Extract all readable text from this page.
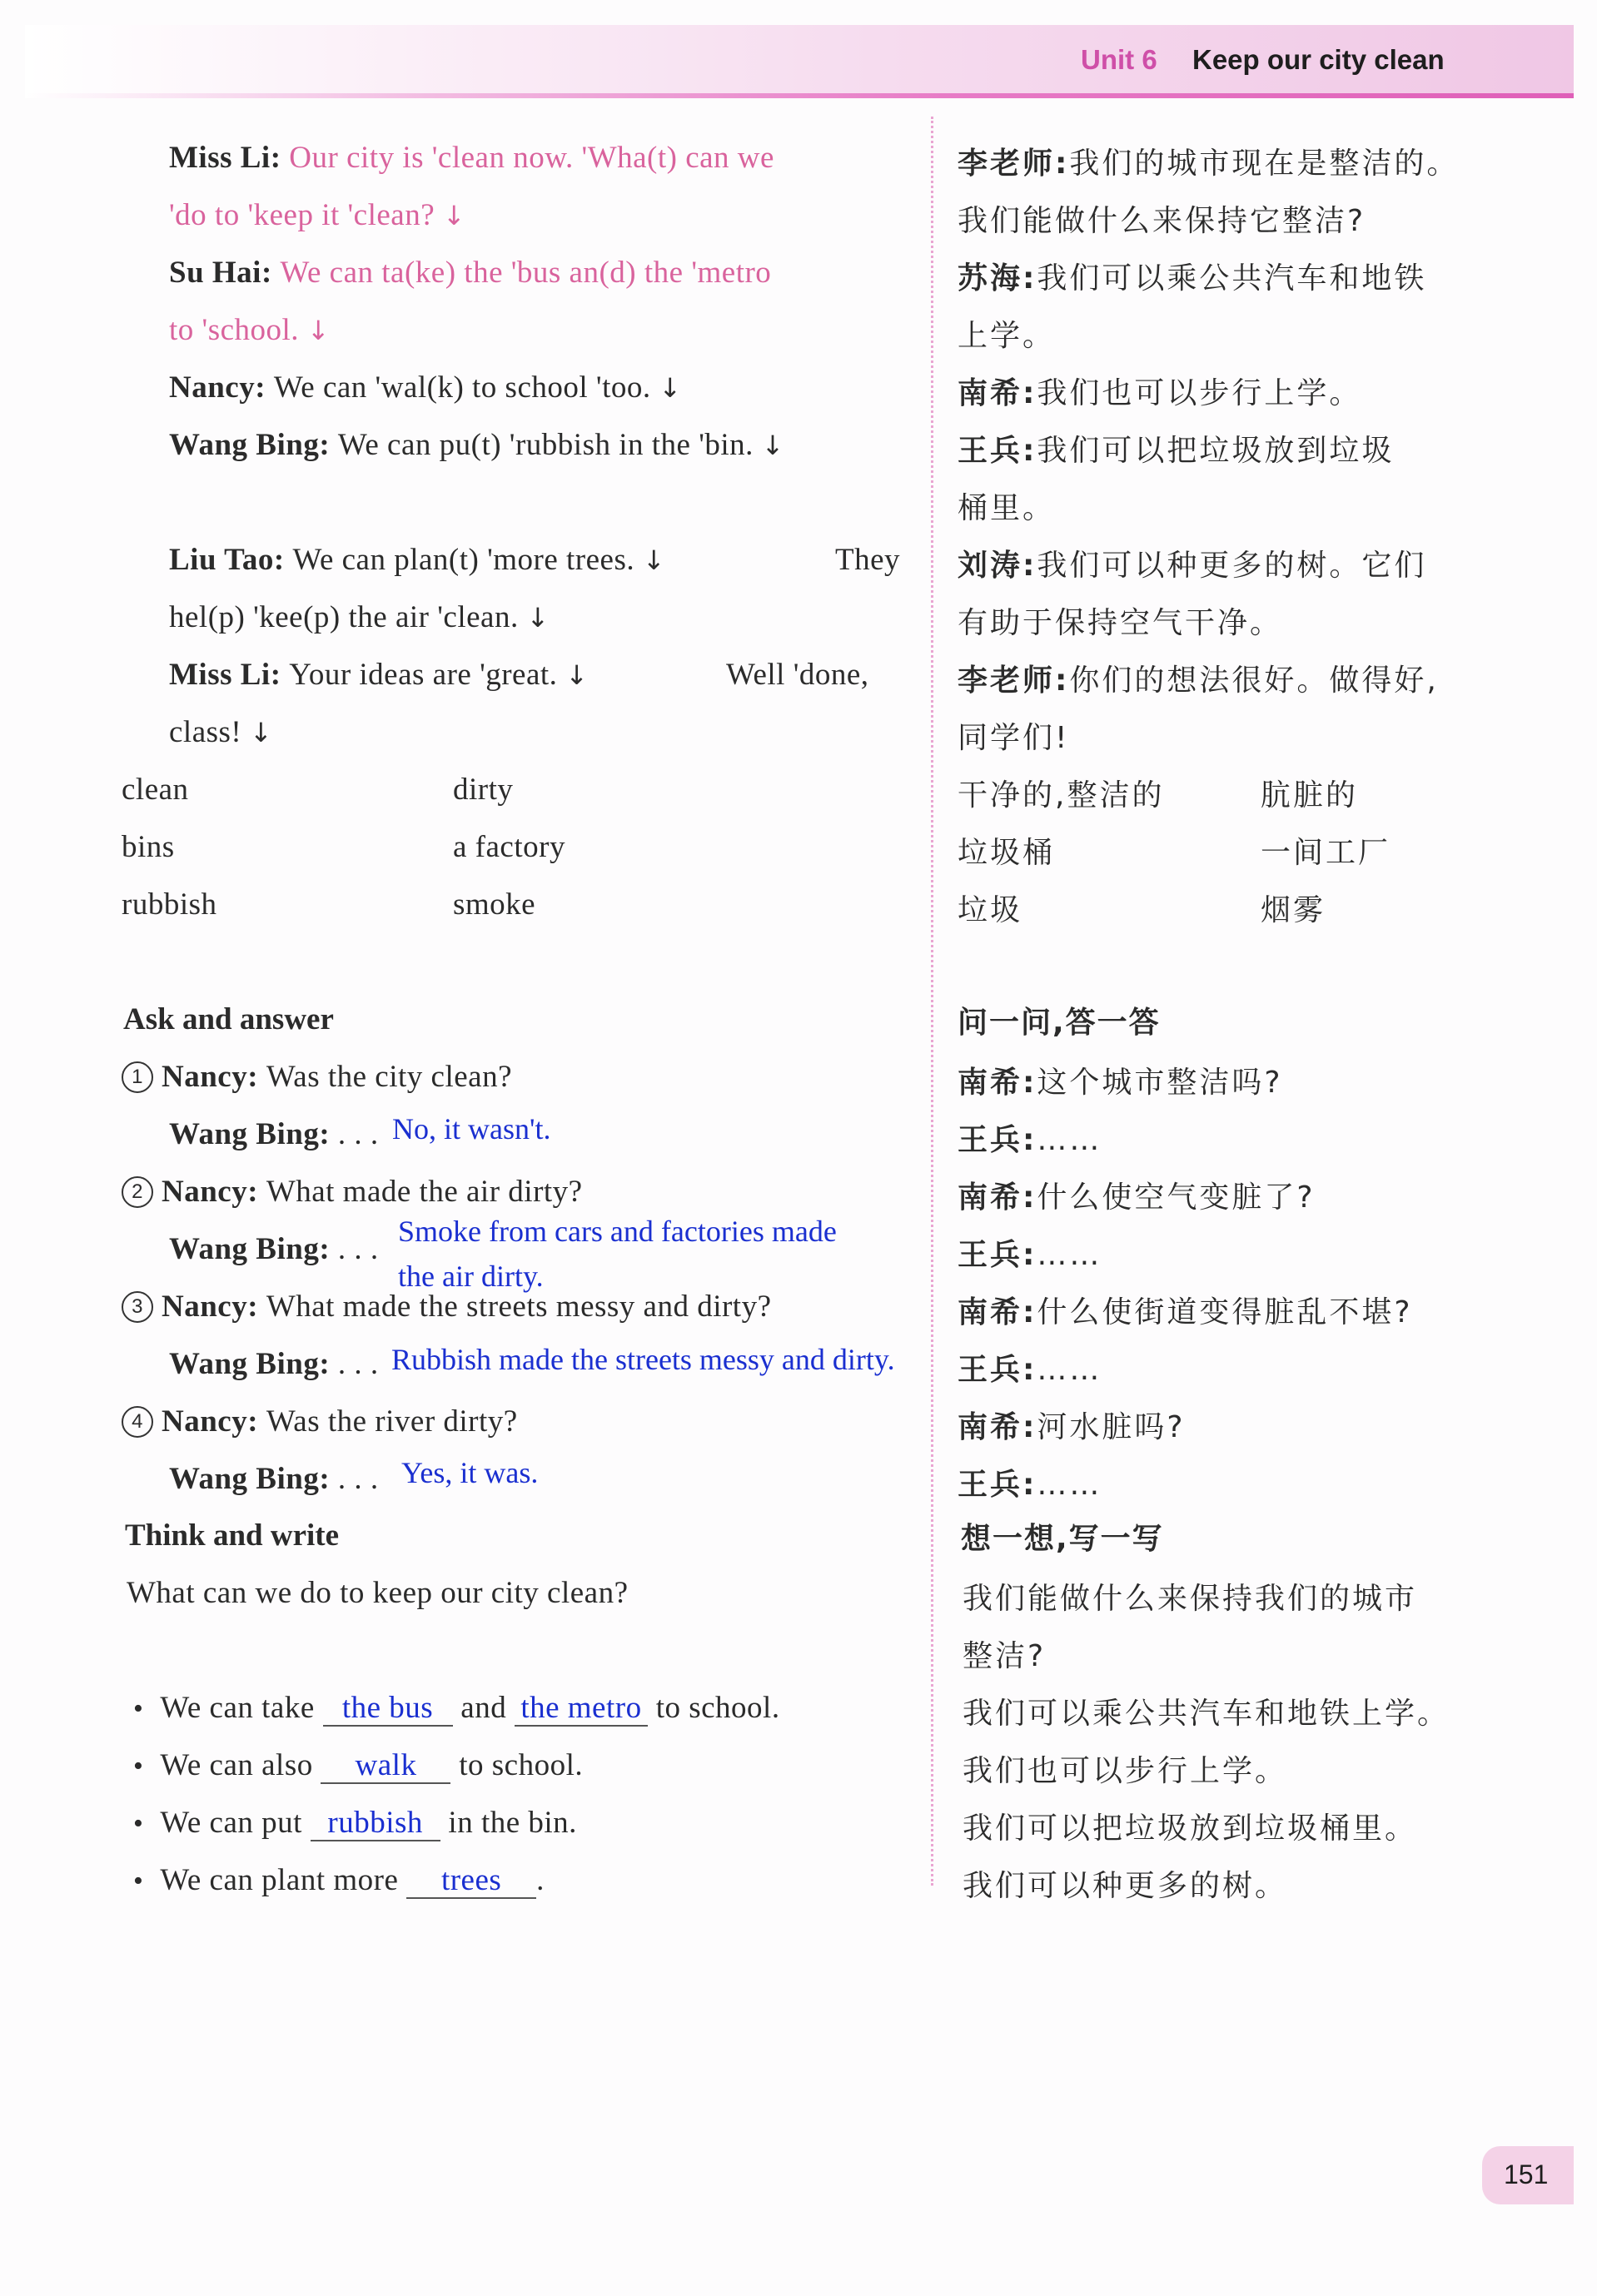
Unit 6 Keep our city clean
Miss Li: Our city is 'clean now. 'Wha(t) can we
'do to 'keep it 'clean? ↓
Su Hai: We can ta(ke) the 'bus an(d) the 'metro
to 'school. ↓
Nancy: We can 'wal(k) to school 'too. ↓
Wang Bing: We can pu(t) 'rubbish in the 'bin. ↓
Liu Tao: We can plan(t) 'more trees. ↓	They
hel(p) 'kee(p) the air 'clean. ↓
Miss Li: Your ideas are 'great. ↓	Well 'done,
class! ↓
李老师:我们的城市现在是整洁的。
我们能做什么来保持它整洁?
苏海:我们可以乘公共汽车和地铁
上学。
南希:我们也可以步行上学。
王兵:我们可以把垃圾放到垃圾
桶里。
刘涛:我们可以种更多的树。它们
有助于保持空气干净。
李老师:你们的想法很好。做得好,
同学们!
clean	dirty
bins	a factory
rubbish	smoke
干净的,整洁的	肮脏的
垃圾桶	一间工厂
垃圾	烟雾
Ask and answer	问一问,答一答
1 Nancy: Was the city clean?
Wang Bing: . . . No, it wasn't.
2 Nancy: What made the air dirty?
Wang Bing: . . .
Smoke from cars and factories made
the air dirty.
3 Nancy: What made the streets messy and dirty?
Wang Bing: . . . Rubbish made the streets messy and dirty.
4 Nancy: Was the river dirty?
Wang Bing: . . . Yes, it was.
南希:这个城市整洁吗?
王兵:……
南希:什么使空气变脏了?
王兵:……
南希:什么使街道变得脏乱不堪?
王兵:……
南希:河水脏吗?
王兵:……
Think and write	想一想,写一写
What can we do to keep our city clean?	我们能做什么来保持我们的城市
整洁?
• We can take the bus and the metro to school.
• We can also walk to school.
• We can put rubbish in the bin.
• We can plant more trees .
我们可以乘公共汽车和地铁上学。
我们也可以步行上学。
我们可以把垃圾放到垃圾桶里。
我们可以种更多的树。
151
